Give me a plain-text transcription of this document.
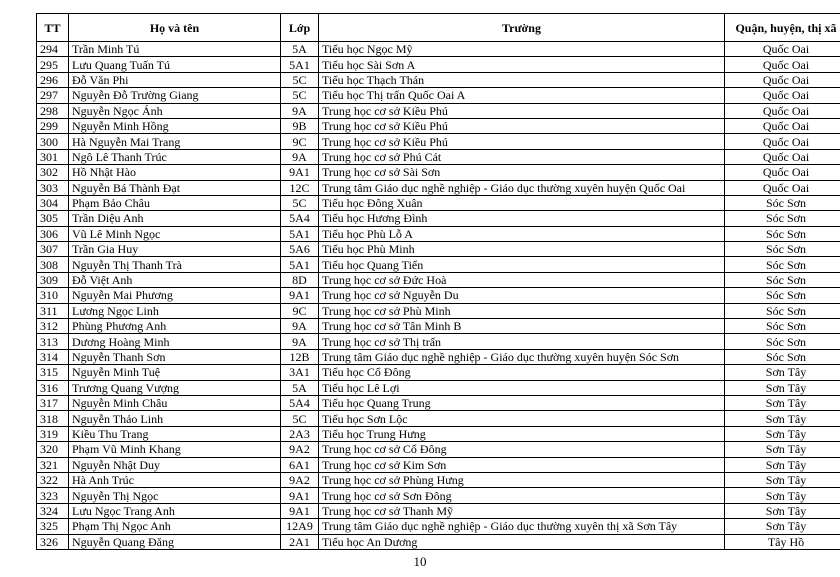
TT	Họ và tên	Lớp	Trường	Quận, huyện, thị xã
294	Trần Minh Tú	5A	Tiểu học Ngọc Mỹ	Quốc Oai
295	Lưu Quang Tuấn Tú	5A1	Tiểu học Sài Sơn A	Quốc Oai
296	Đỗ Văn Phi	5C	Tiểu học Thạch Thán	Quốc Oai
297	Nguyễn Đỗ Trường Giang	5C	Tiểu học Thị trấn Quốc Oai A	Quốc Oai
298	Nguyễn Ngọc Ánh	9A	Trung học cơ sở Kiều Phú	Quốc Oai
299	Nguyễn Minh Hồng	9B	Trung học cơ sở Kiều Phú	Quốc Oai
300	Hà Nguyễn Mai Trang	9C	Trung học cơ sở Kiều Phú	Quốc Oai
301	Ngô Lê Thanh Trúc	9A	Trung học cơ sở Phú Cát	Quốc Oai
302	Hồ Nhật Hào	9A1	Trung học cơ sở Sài Sơn	Quốc Oai
303	Nguyễn Bá Thành Đạt	12C	Trung tâm Giáo dục nghề nghiệp - Giáo dục thường xuyên huyện Quốc Oai	Quốc Oai
304	Phạm Bảo Châu	5C	Tiểu học Đông Xuân	Sóc Sơn
305	Trần Diệu Anh	5A4	Tiểu học Hương Đình	Sóc Sơn
306	Vũ Lê Minh Ngọc	5A1	Tiểu học Phù Lỗ A	Sóc Sơn
307	Trần Gia Huy	5A6	Tiểu học Phù Minh	Sóc Sơn
308	Nguyễn Thị Thanh Trà	5A1	Tiểu học Quang Tiến	Sóc Sơn
309	Đỗ Việt Anh	8D	Trung học cơ sở Đức Hoà	Sóc Sơn
310	Nguyễn Mai Phương	9A1	Trung học cơ sở Nguyễn Du	Sóc Sơn
311	Lương Ngọc Linh	9C	Trung học cơ sở Phù Minh	Sóc Sơn
312	Phùng Phương Anh	9A	Trung học cơ sở Tân Minh B	Sóc Sơn
313	Dương Hoàng Minh	9A	Trung học cơ sở Thị trấn	Sóc Sơn
314	Nguyễn Thanh Sơn	12B	Trung tâm Giáo dục nghề nghiệp - Giáo dục thường xuyên huyện Sóc Sơn	Sóc Sơn
315	Nguyễn Minh Tuệ	3A1	Tiểu học Cổ Đông	Sơn Tây
316	Trương Quang Vượng	5A	Tiểu học Lê Lợi	Sơn Tây
317	Nguyễn Minh Châu	5A4	Tiểu học Quang Trung	Sơn Tây
318	Nguyễn Thảo Linh	5C	Tiểu học Sơn Lộc	Sơn Tây
319	Kiều Thu Trang	2A3	Tiểu học Trung Hưng	Sơn Tây
320	Phạm Vũ Minh Khang	9A2	Trung học cơ sở Cổ Đông	Sơn Tây
321	Nguyễn Nhật Duy	6A1	Trung học cơ sở Kim Sơn	Sơn Tây
322	Hà Anh Trúc	9A2	Trung học cơ sở Phùng Hưng	Sơn Tây
323	Nguyễn Thị Ngọc	9A1	Trung học cơ sở Sơn Đông	Sơn Tây
324	Lưu Ngọc Trang Anh	9A1	Trung học cơ sở Thanh Mỹ	Sơn Tây
325	Phạm Thị Ngọc Anh	12A9	Trung tâm Giáo dục nghề nghiệp - Giáo dục thường xuyên thị xã Sơn Tây	Sơn Tây
326	Nguyễn Quang Đăng	2A1	Tiểu học An Dương	Tây Hồ
10
